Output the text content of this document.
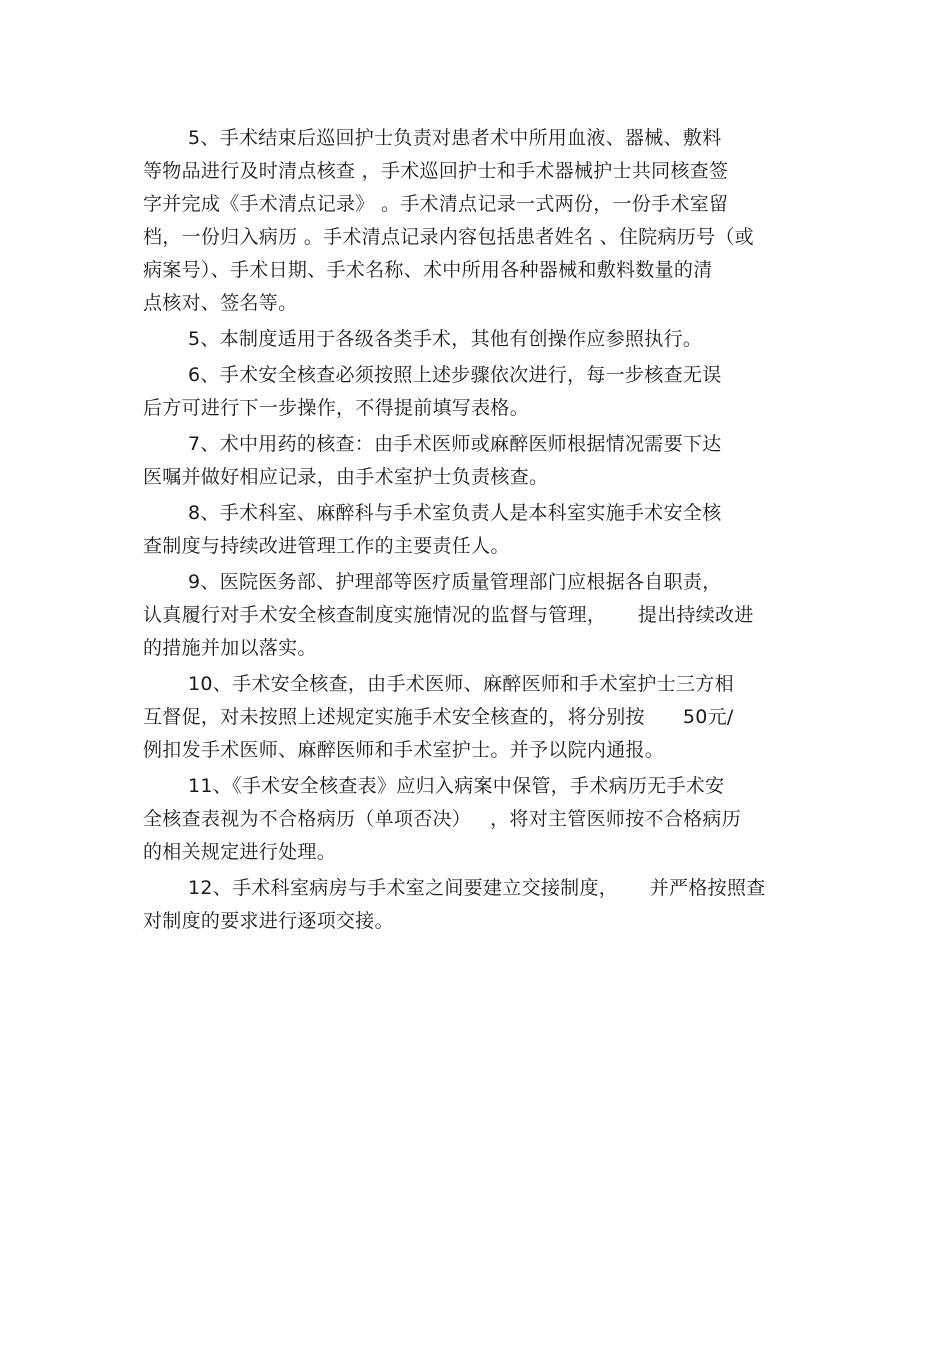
5、手术结束后巡回护士负责对患者术中所用血液、器械、敷料
等物品进行及时清点核查 ，手术巡回护士和手术器械护士共同核查签
字并完成《手术清点记录》 。手术清点记录一式两份，一份手术室留
档，一份归入病历 。手术清点记录内容包括患者姓名 、住院病历号（或
病案号）、手术日期、手术名称、术中所用各种器械和敷料数量的清
点核对、签名等。
5、本制度适用于各级各类手术，其他有创操作应参照执行。
6、手术安全核查必须按照上述步骤依次进行，每一步核查无误
后方可进行下一步操作，不得提前填写表格。
7、术中用药的核查：由手术医师或麻醉医师根据情况需要下达
医嘱并做好相应记录，由手术室护士负责核查。
8、手术科室、麻醉科与手术室负责人是本科室实施手术安全核
查制度与持续改进管理工作的主要责任人。
9、医院医务部、护理部等医疗质量管理部门应根据各自职责，
认真履行对手术安全核查制度实施情况的监督与管理，     提出持续改进
的措施并加以落实。
10、手术安全核查，由手术医师、麻醉医师和手术室护士三方相
互督促，对未按照上述规定实施手术安全核查的，将分别按      50元/
例扣发手术医师、麻醉医师和手术室护士。并予以院内通报。
11、《手术安全核查表》应归入病案中保管，手术病历无手术安
全核查表视为不合格病历（单项否决）   ，将对主管医师按不合格病历
的相关规定进行处理。
12、手术科室病房与手术室之间要建立交接制度，     并严格按照查
对制度的要求进行逐项交接。
